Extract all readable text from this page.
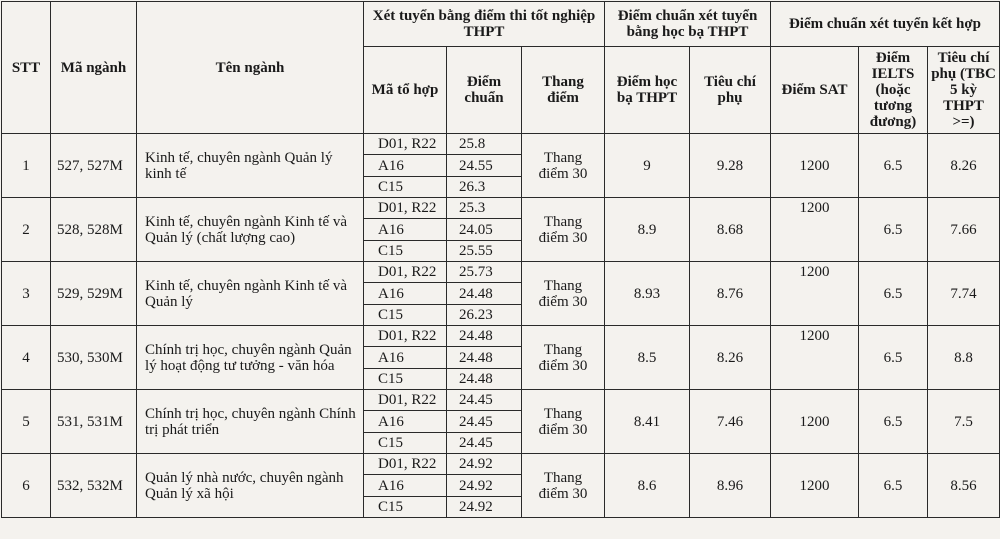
STT	Mã ngành	Tên ngành	Xét tuyển bằng điểm thi tốt nghiệp THPT			Điểm chuẩn xét tuyển bằng học bạ THPT		Điểm chuẩn xét tuyển kết hợp		
			Mã tổ hợp	Điểm chuẩn	Thang điểm	Điểm học bạ THPT	Tiêu chí phụ	Điểm SAT	Điểm IELTS (hoặc tương đương)	Tiêu chí phụ (TBC 5 kỳ THPT >=)
1	527, 527M	Kinh tế, chuyên ngành Quản lý kinh tế	D01, R22	25.8	Thang điểm 30	9	9.28	1200	6.5	8.26
			A16	24.55						
			C15	26.3						
2	528, 528M	Kinh tế, chuyên ngành Kinh tế và Quản lý (chất lượng cao)	D01, R22	25.3	Thang điểm 30	8.9	8.68	1200	6.5	7.66
			A16	24.05						
			C15	25.55						
3	529, 529M	Kinh tế, chuyên ngành Kinh tế và Quản lý	D01, R22	25.73	Thang điểm 30	8.93	8.76	1200	6.5	7.74
			A16	24.48						
			C15	26.23						
4	530, 530M	Chính trị học, chuyên ngành Quản lý hoạt động tư tưởng - văn hóa	D01, R22	24.48	Thang điểm 30	8.5	8.26	1200	6.5	8.8
			A16	24.48						
			C15	24.48						
5	531, 531M	Chính trị học, chuyên ngành Chính trị phát triển	D01, R22	24.45	Thang điểm 30	8.41	7.46	1200	6.5	7.5
			A16	24.45						
			C15	24.45						
6	532, 532M	Quản lý nhà nước, chuyên ngành Quản lý xã hội	D01, R22	24.92	Thang điểm 30	8.6	8.96	1200	6.5	8.56
			A16	24.92						
			C15	24.92						
